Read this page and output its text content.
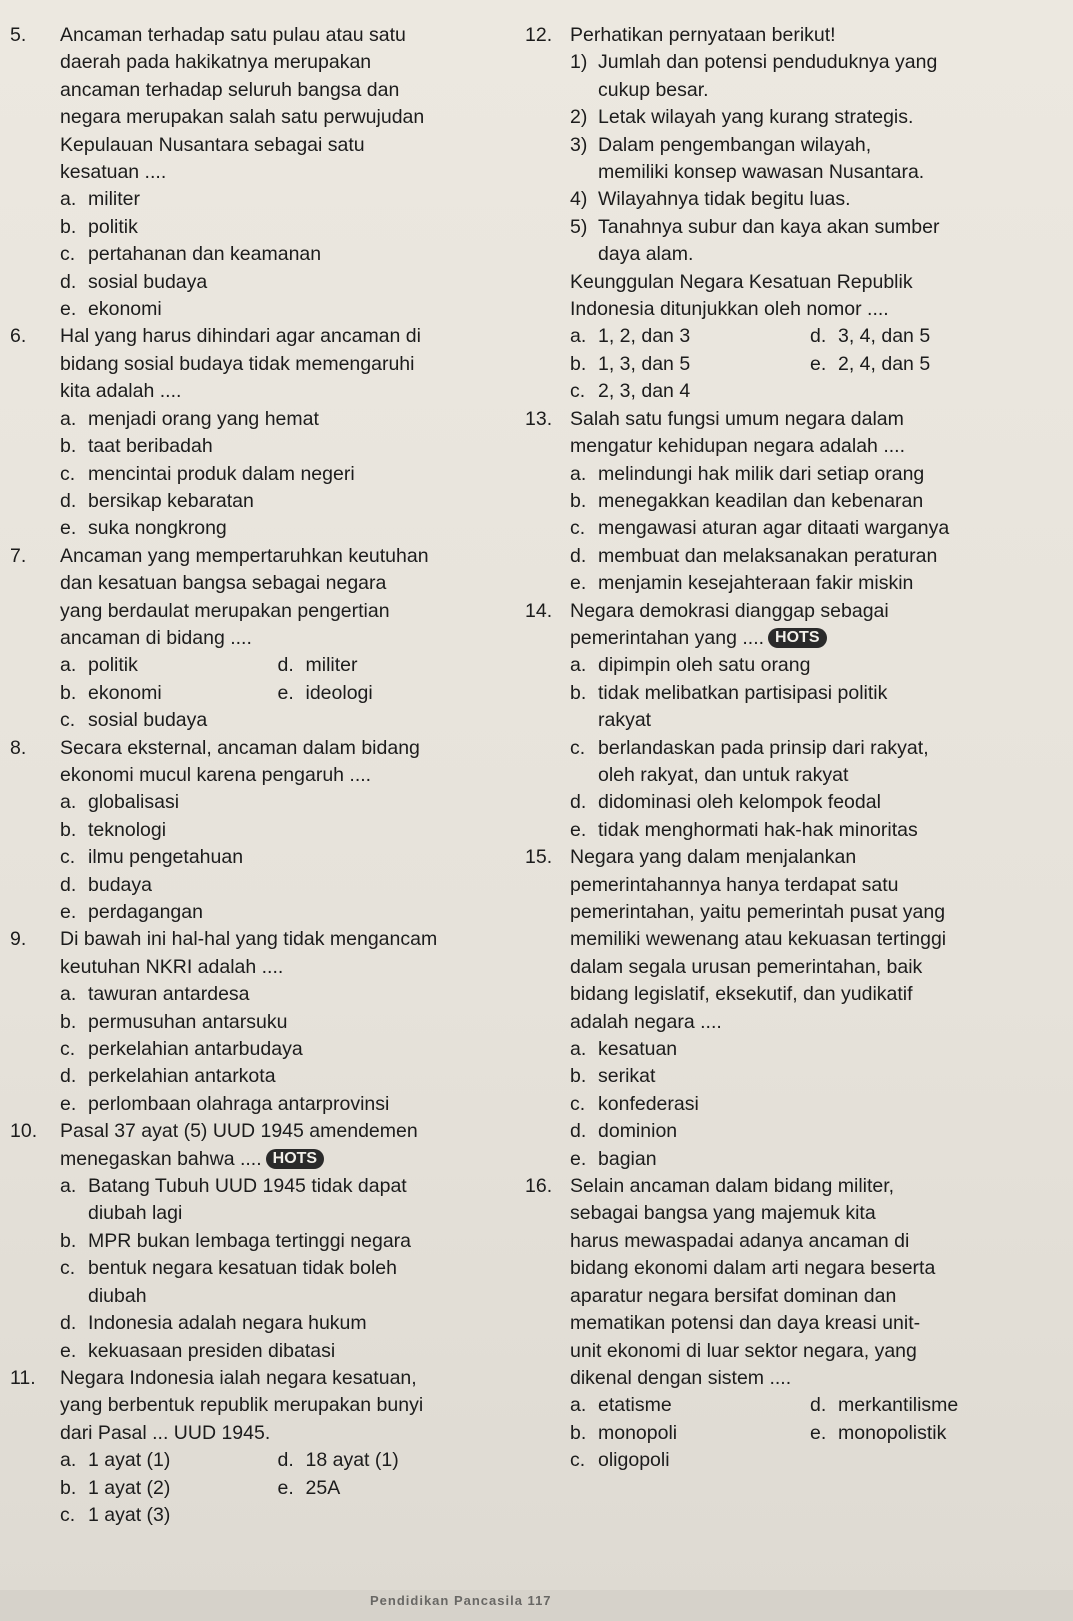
5.	Ancaman terhadap satu pulau atau satu
daerah pada hakikatnya merupakan
ancaman terhadap seluruh bangsa dan
negara merupakan salah satu perwujudan
Kepulauan Nusantara sebagai satu
kesatuan ....
a. militer
b. politik
c. pertahanan dan keamanan
d. sosial budaya
e. ekonomi
6.	Hal yang harus dihindari agar ancaman di
bidang sosial budaya tidak memengaruhi
kita adalah ....
a. menjadi orang yang hemat
b. taat beribadah
c. mencintai produk dalam negeri
d. bersikap kebaratan
e. suka nongkrong
7.	Ancaman yang mempertaruhkan keutuhan
dan kesatuan bangsa sebagai negara
yang berdaulat merupakan pengertian
ancaman di bidang ....
a. politik	d. militer
b. ekonomi	e. ideologi
c. sosial budaya
8.	Secara eksternal, ancaman dalam bidang
ekonomi mucul karena pengaruh ....
a. globalisasi
b. teknologi
c. ilmu pengetahuan
d. budaya
e. perdagangan
9.	Di bawah ini hal-hal yang tidak mengancam
keutuhan NKRI adalah ....
a. tawuran antardesa
b. permusuhan antarsuku
c. perkelahian antarbudaya
d. perkelahian antarkota
e. perlombaan olahraga antarprovinsi
10.	Pasal 37 ayat (5) UUD 1945 amendemen
menegaskan bahwa .... HOTS
a. Batang Tubuh UUD 1945 tidak dapat
diubah lagi
b. MPR bukan lembaga tertinggi negara
c. bentuk negara kesatuan tidak boleh
diubah
d. Indonesia adalah negara hukum
e. kekuasaan presiden dibatasi
11.	Negara Indonesia ialah negara kesatuan,
yang berbentuk republik merupakan bunyi
dari Pasal ... UUD 1945.
a. 1 ayat (1)	d. 18 ayat (1)
b. 1 ayat (2)	e. 25A
c. 1 ayat (3)
12. Perhatikan pernyataan berikut!
1) Jumlah dan potensi penduduknya yang
cukup besar.
2) Letak wilayah yang kurang strategis.
3) Dalam pengembangan wilayah,
memiliki konsep wawasan Nusantara.
4) Wilayahnya tidak begitu luas.
5) Tanahnya subur dan kaya akan sumber
daya alam.
Keunggulan Negara Kesatuan Republik
Indonesia ditunjukkan oleh nomor ....
a. 1, 2, dan 3	d. 3, 4, dan 5
b. 1, 3, dan 5	e. 2, 4, dan 5
c. 2, 3, dan 4
13. Salah satu fungsi umum negara dalam
mengatur kehidupan negara adalah ....
a. melindungi hak milik dari setiap orang
b. menegakkan keadilan dan kebenaran
c. mengawasi aturan agar ditaati warganya
d. membuat dan melaksanakan peraturan
e. menjamin kesejahteraan fakir miskin
14. Negara demokrasi dianggap sebagai
pemerintahan yang .... HOTS
a. dipimpin oleh satu orang
b. tidak melibatkan partisipasi politik
rakyat
c. berlandaskan pada prinsip dari rakyat,
oleh rakyat, dan untuk rakyat
d. didominasi oleh kelompok feodal
e. tidak menghormati hak-hak minoritas
15. Negara yang dalam menjalankan
pemerintahannya hanya terdapat satu
pemerintahan, yaitu pemerintah pusat yang
memiliki wewenang atau kekuasan tertinggi
dalam segala urusan pemerintahan, baik
bidang legislatif, eksekutif, dan yudikatif
adalah negara ....
a. kesatuan
b. serikat
c. konfederasi
d. dominion
e. bagian
16. Selain ancaman dalam bidang militer,
sebagai bangsa yang majemuk kita
harus mewaspadai adanya ancaman di
bidang ekonomi dalam arti negara beserta
aparatur negara bersifat dominan dan
mematikan potensi dan daya kreasi unit-
unit ekonomi di luar sektor negara, yang
dikenal dengan sistem ....
a. etatisme	d. merkantilisme
b. monopoli	e. monopolistik
c. oligopoli
Pendidikan Pancasila 117
